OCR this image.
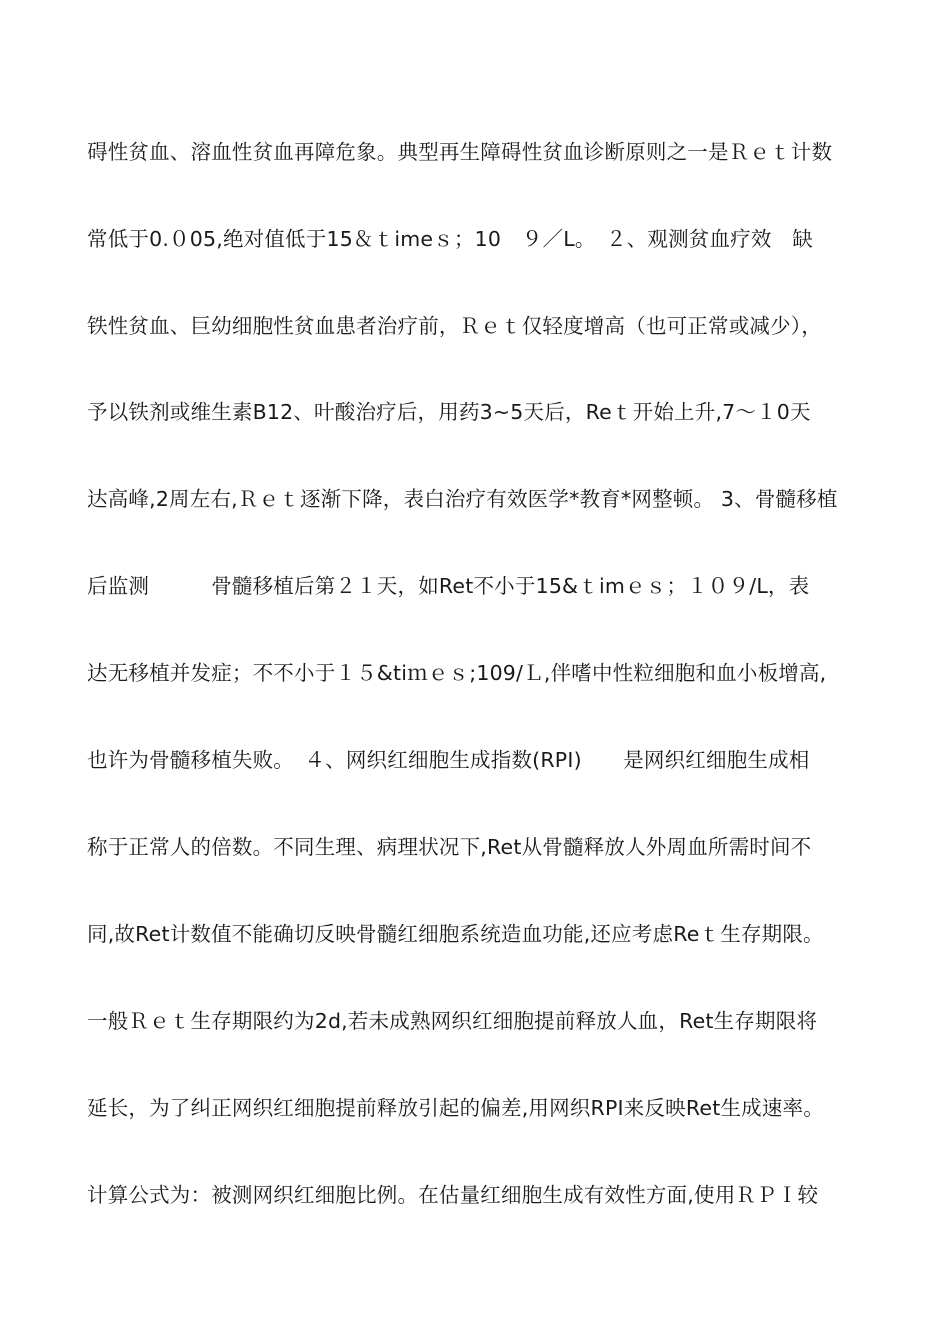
碍性贫血、溶血性贫血再障危象。典型再生障碍性贫血诊断原则之一是Ｒｅｔ计数
常低于0.０05,绝对值低于15＆ｔimeｓ；10　９／L。　２、观测贫血疗效　缺
铁性贫血、巨幼细胞性贫血患者治疗前，Ｒｅｔ仅轻度增高（也可正常或减少），
予以铁剂或维生素B12、叶酸治疗后，用药3~5天后，Reｔ开始上升,7～１0天
达高峰,2周左右,Ｒｅｔ逐渐下降，表白治疗有效医学*教育*网整顿。 3、骨髓移植
后监测　　　骨髓移植后第２１天，如Ret不小于15&ｔimｅｓ；１０９/L，表
达无移植并发症；不不小于１５&tiｍｅｓ;109/Ｌ,伴嗜中性粒细胞和血小板增高,
也许为骨髓移植失败。　４、网织红细胞生成指数(RPI)　　是网织红细胞生成相
称于正常人的倍数。不同生理、病理状况下,Ret从骨髓释放人外周血所需时间不
同,故Ret计数值不能确切反映骨髓红细胞系统造血功能,还应考虑Reｔ生存期限。
一般Ｒｅｔ生存期限约为2d,若未成熟网织红细胞提前释放人血，Ret生存期限将
延长，为了纠正网织红细胞提前释放引起的偏差,用网织RPI来反映Ret生成速率。
计算公式为：被测网织红细胞比例。在估量红细胞生成有效性方面,使用ＲＰＩ较
